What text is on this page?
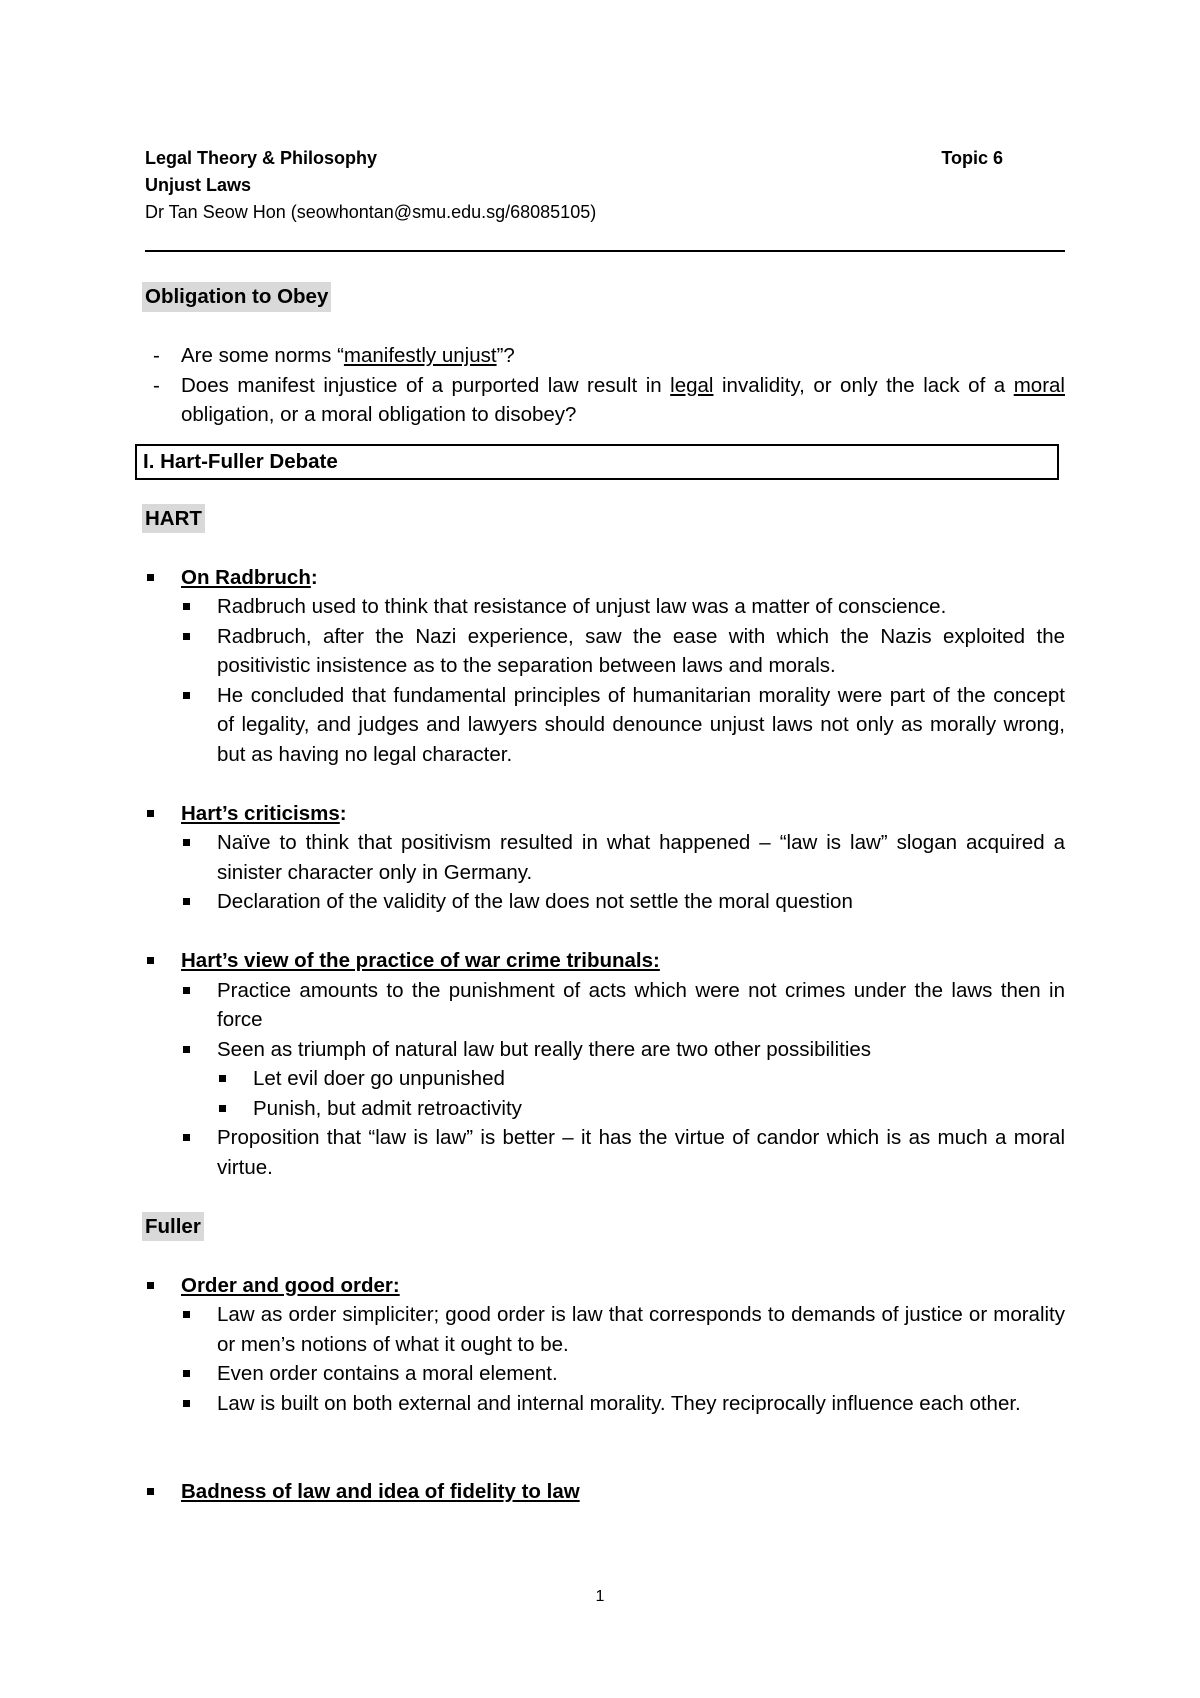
Legal Theory & Philosophy	Topic 6
Unjust Laws
Dr Tan Seow Hon (seowhontan@smu.edu.sg/68085105)
Obligation to Obey
- Are some norms “manifestly unjust”?
- Does manifest injustice of a purported law result in legal invalidity, or only the lack of a moral obligation, or a moral obligation to disobey?
I. Hart-Fuller Debate
HART
On Radbruch:
Radbruch used to think that resistance of unjust law was a matter of conscience.
Radbruch, after the Nazi experience, saw the ease with which the Nazis exploited the positivistic insistence as to the separation between laws and morals.
He concluded that fundamental principles of humanitarian morality were part of the concept of legality, and judges and lawyers should denounce unjust laws not only as morally wrong, but as having no legal character.
Hart’s criticisms:
Naïve to think that positivism resulted in what happened – “law is law” slogan acquired a sinister character only in Germany.
Declaration of the validity of the law does not settle the moral question
Hart’s view of the practice of war crime tribunals:
Practice amounts to the punishment of acts which were not crimes under the laws then in force
Seen as triumph of natural law but really there are two other possibilities
Let evil doer go unpunished
Punish, but admit retroactivity
Proposition that “law is law” is better – it has the virtue of candor which is as much a moral virtue.
Fuller
Order and good order:
Law as order simpliciter; good order is law that corresponds to demands of justice or morality or men’s notions of what it ought to be.
Even order contains a moral element.
Law is built on both external and internal morality. They reciprocally influence each other.
Badness of law and idea of fidelity to law
1
